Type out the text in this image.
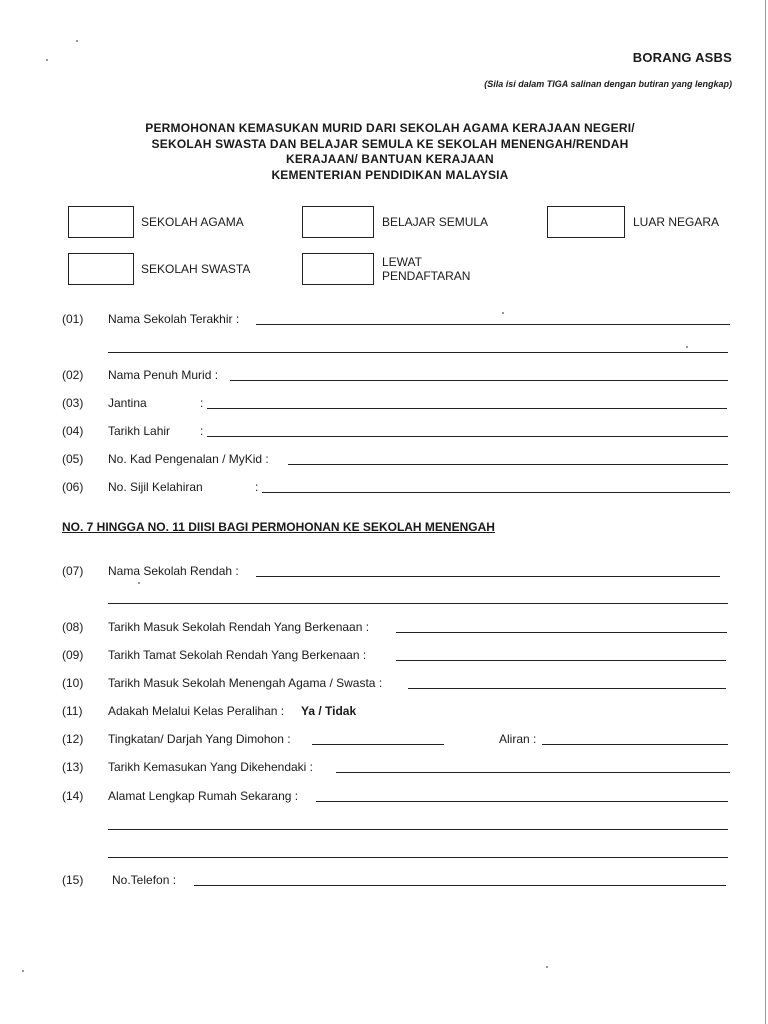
BORANG ASBS
(Sila isi dalam TIGA salinan dengan butiran yang lengkap)
PERMOHONAN KEMASUKAN MURID DARI SEKOLAH AGAMA KERAJAAN NEGERI/
SEKOLAH SWASTA DAN BELAJAR SEMULA KE SEKOLAH MENENGAH/RENDAH
KERAJAAN/ BANTUAN KERAJAAN
KEMENTERIAN PENDIDIKAN MALAYSIA
SEKOLAH AGAMA	BELAJAR SEMULA	LUAR NEGARA
SEKOLAH SWASTA	LEWAT
PENDAFTARAN
(01) Nama Sekolah Terakhir :
(02) Nama Penuh Murid :
(03) Jantina	:
(04) Tarikh Lahir :
(05) No. Kad Pengenalan / MyKid :
(06) No. Sijil Kelahiran	:
NO. 7 HINGGA NO. 11 DIISI BAGI PERMOHONAN KE SEKOLAH MENENGAH
(07) Nama Sekolah Rendah :
(08) Tarikh Masuk Sekolah Rendah Yang Berkenaan :
(09) Tarikh Tamat Sekolah Rendah Yang Berkenaan :
(10) Tarikh Masuk Sekolah Menengah Agama / Swasta :
(11) Adakah Melalui Kelas Peralihan : Ya / Tidak
(12) Tingkatan/ Darjah Yang Dimohon :	Aliran :
(13) Tarikh Kemasukan Yang Dikehendaki :
(14) Alamat Lengkap Rumah Sekarang :
(15) No.Telefon :
